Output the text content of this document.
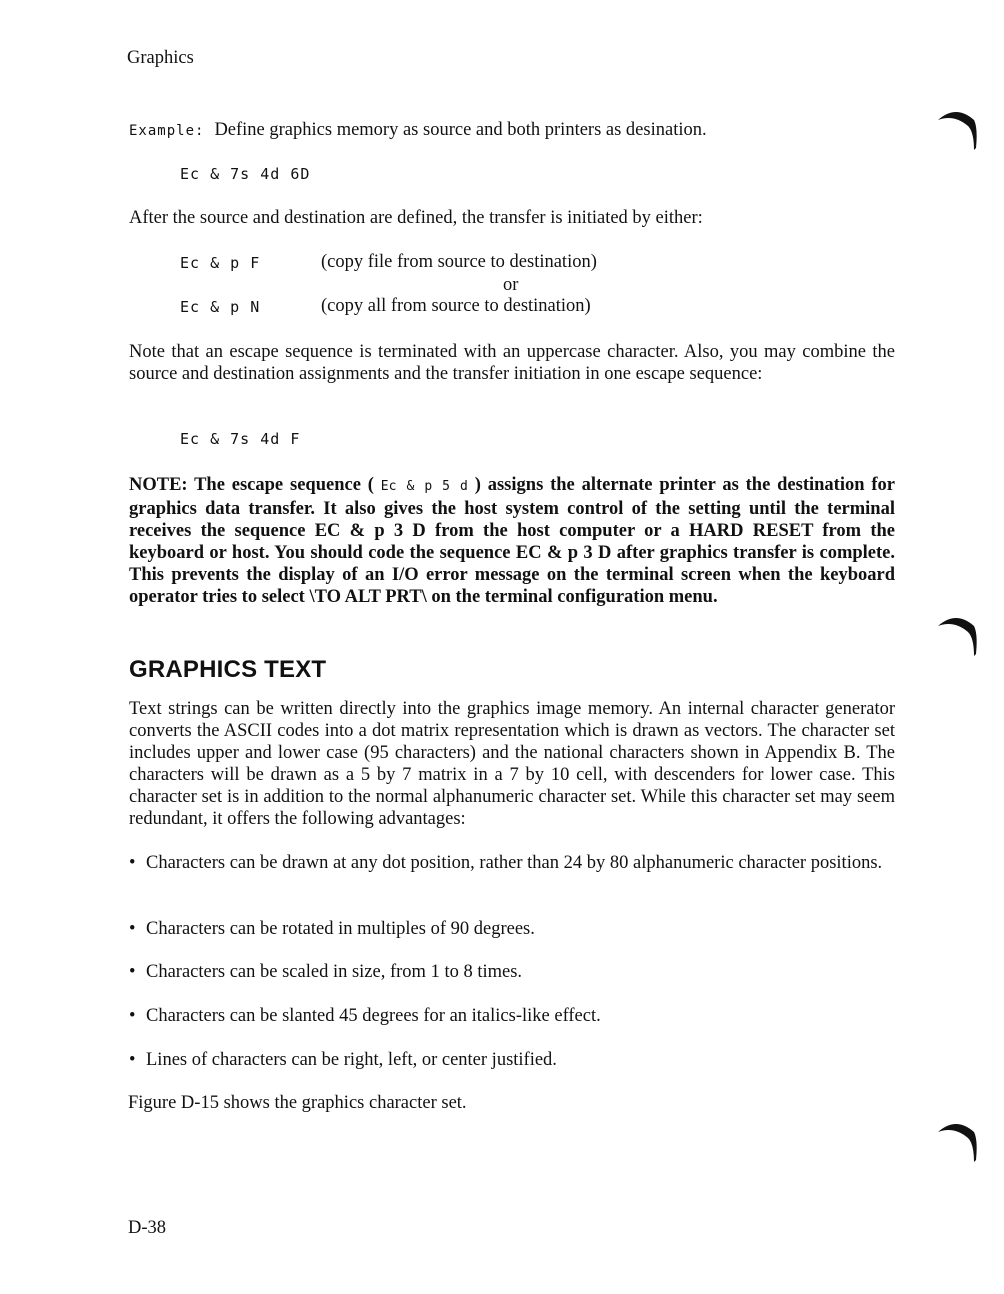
Graphics
Example: Define graphics memory as source and both printers as desination.
Ec & 7s 4d 6D
After the source and destination are defined, the transfer is initiated by either:
Ec & p F	(copy file from source to destination)
or
Ec & p N	(copy all from source to destination)
Note that an escape sequence is terminated with an uppercase character. Also, you may combine the source and destination assignments and the transfer initiation in one escape sequence:
Ec & 7s 4d F
NOTE: The escape sequence ( Ec & p 5 d ) assigns the alternate printer as the destination for graphics data transfer. It also gives the host system control of the setting until the terminal receives the sequence EC & p 3 D from the host computer or a HARD RESET from the keyboard or host. You should code the sequence EC & p 3 D after graphics transfer is complete. This prevents the display of an I/O error message on the terminal screen when the keyboard operator tries to select \TO ALT PRT\ on the terminal configuration menu.
GRAPHICS TEXT
Text strings can be written directly into the graphics image memory. An internal character generator converts the ASCII codes into a dot matrix representation which is drawn as vectors. The character set includes upper and lower case (95 characters) and the national characters shown in Appendix B. The characters will be drawn as a 5 by 7 matrix in a 7 by 10 cell, with descenders for lower case. This character set is in addition to the normal alphanumeric character set. While this character set may seem redundant, it offers the following advantages:
• Characters can be drawn at any dot position, rather than 24 by 80 alphanumeric character positions.
• Characters can be rotated in multiples of 90 degrees.
• Characters can be scaled in size, from 1 to 8 times.
• Characters can be slanted 45 degrees for an italics-like effect.
• Lines of characters can be right, left, or center justified.
Figure D-15 shows the graphics character set.
D-38
